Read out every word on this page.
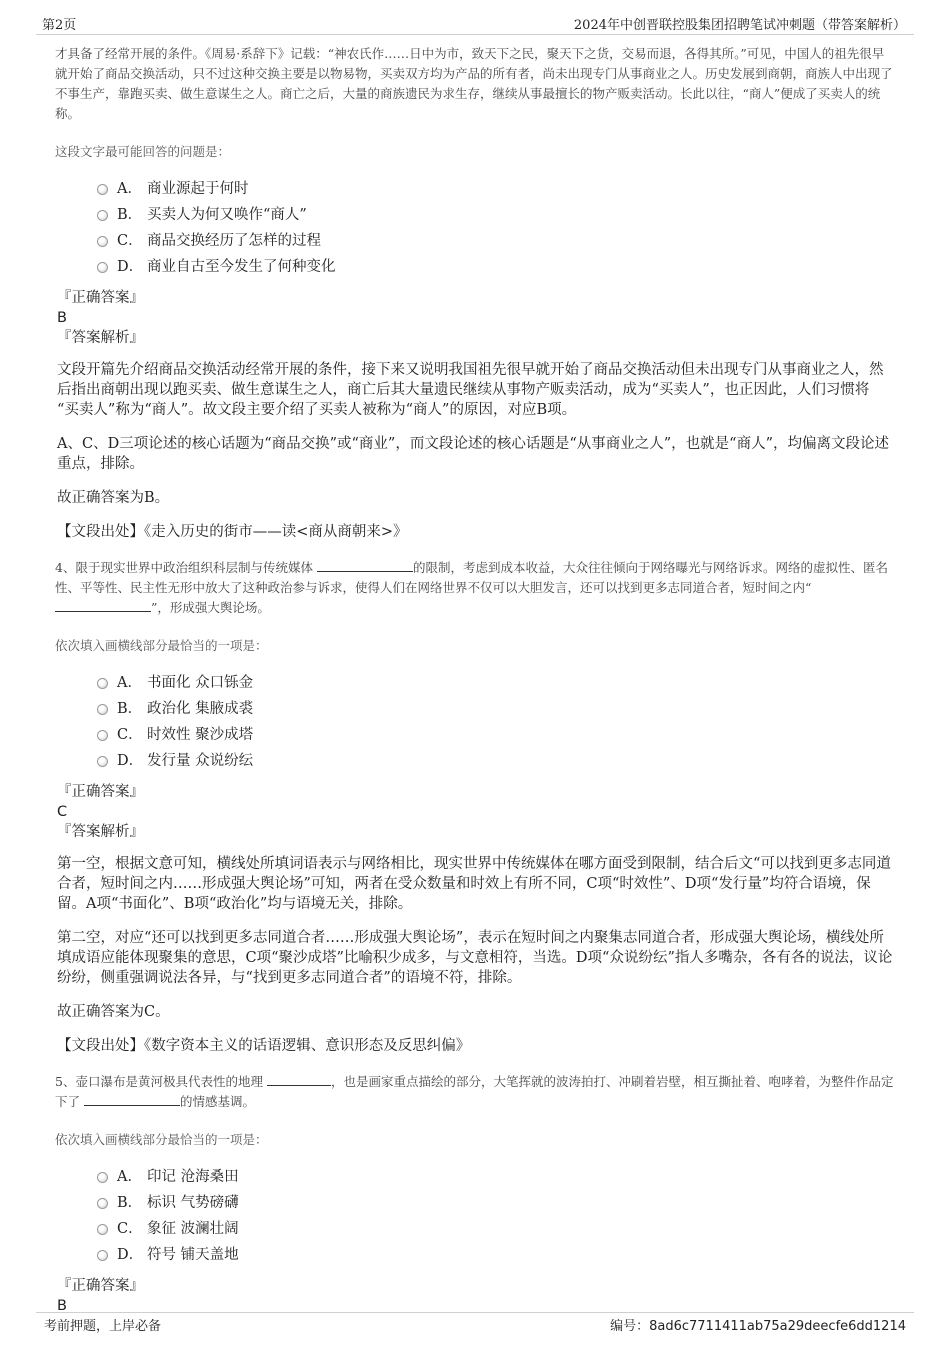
第2页	2024年中创晋联控股集团招聘笔试冲刺题（带答案解析）

才具备了经常开展的条件。《周易·系辞下》记载：“神农氏作……日中为市，致天下之民，聚天下之货，交易而退，各得其所。”可见，中国人的祖先很早就开始了商品交换活动，只不过这种交换主要是以物易物，买卖双方均为产品的所有者，尚未出现专门从事商业之人。历史发展到商朝，商族人中出现了不事生产，靠跑买卖、做生意谋生之人。商亡之后，大量的商族遗民为求生存，继续从事最擅长的物产贩卖活动。长此以往，“商人”便成了买卖人的统称。

这段文字最可能回答的问题是：

A． 商业源起于何时
B． 买卖人为何又唤作“商人”
C． 商品交换经历了怎样的过程
D． 商业自古至今发生了何种变化

『正确答案』

B

『答案解析』

文段开篇先介绍商品交换活动经常开展的条件，接下来又说明我国祖先很早就开始了商品交换活动但未出现专门从事商业之人，然后指出商朝出现以跑买卖、做生意谋生之人，商亡后其大量遗民继续从事物产贩卖活动，成为“买卖人”，也正因此，人们习惯将 “买卖人”称为“商人”。故文段主要介绍了买卖人被称为“商人”的原因，对应B项。

A、C、D三项论述的核心话题为“商品交换”或“商业”，而文段论述的核心话题是“从事商业之人”，也就是“商人”，均偏离文段论述重点，排除。

故正确答案为B。

【文段出处】《走入历史的街市——读<商从商朝来>》

4、限于现实世界中政治组织科层制与传统媒体	的限制，考虑到成本收益，大众往往倾向于网络曝光与网络诉求。网络的虚拟性、匿名性、平等性、民主性无形中放大了这种政治参与诉求，使得人们在网络世界不仅可以大胆发言，还可以找到更多志同道合者，短时间之内“ ”，形成强大舆论场。

依次填入画横线部分最恰当的一项是：

A． 书面化 众口铄金
B． 政治化 集腋成裘
C． 时效性 聚沙成塔
D． 发行量 众说纷纭

『正确答案』

C

『答案解析』

第一空，根据文意可知，横线处所填词语表示与网络相比，现实世界中传统媒体在哪方面受到限制，结合后文“可以找到更多志同道合者，短时间之内……形成强大舆论场”可知，两者在受众数量和时效上有所不同，C项“时效性”、D项“发行量”均符合语境，保留。A项“书面化”、B项“政治化”均与语境无关，排除。

第二空，对应“还可以找到更多志同道合者……形成强大舆论场”，表示在短时间之内聚集志同道合者，形成强大舆论场，横线处所填成语应能体现聚集的意思，C项“聚沙成塔”比喻积少成多，与文意相符，当选。D项“众说纷纭”指人多嘴杂，各有各的说法，议论纷纷，侧重强调说法各异，与“找到更多志同道合者”的语境不符，排除。

故正确答案为C。

【文段出处】《数字资本主义的话语逻辑、意识形态及反思纠偏》

5、壶口瀑布是黄河极具代表性的地理	，也是画家重点描绘的部分，大笔挥就的波涛拍打、冲刷着岩壁，相互撕扯着、咆哮着，为整件作品定下了	的情感基调。

依次填入画横线部分最恰当的一项是：

A． 印记 沧海桑田
B． 标识 气势磅礴
C． 象征 波澜壮阔
D． 符号 铺天盖地

『正确答案』

B

考前押题，上岸必备	编号：8ad6c7711411ab75a29deecfe6dd1214
